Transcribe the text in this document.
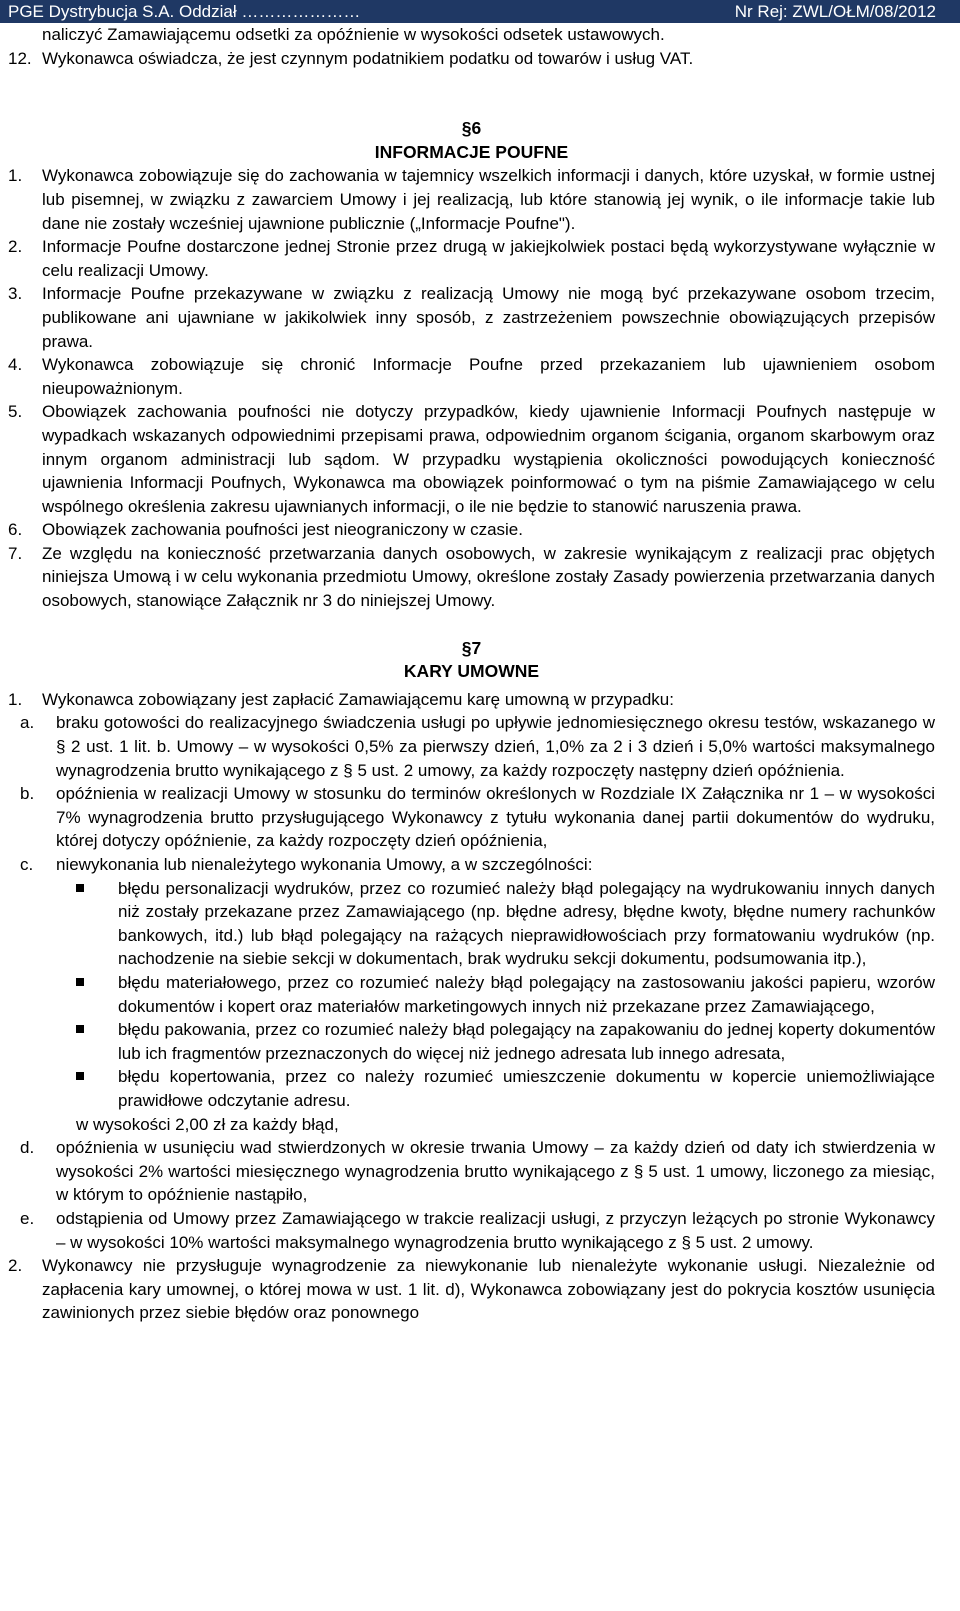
PGE Dystrybucja S.A. Oddział …………………	Nr Rej: ZWL/OŁM/08/2012

naliczyć Zamawiającemu odsetki za opóźnienie w wysokości odsetek ustawowych.

12. Wykonawca oświadcza, że jest czynnym podatnikiem podatku od towarów i usług VAT.
§6
INFORMACJE POUFNE
1.	Wykonawca zobowiązuje się do zachowania w tajemnicy wszelkich informacji i danych, które uzyskał, w formie ustnej lub pisemnej, w związku z zawarciem Umowy i jej realizacją, lub które stanowią jej wynik, o ile informacje takie lub dane nie zostały wcześniej ujawnione publicznie („Informacje Poufne").
2.	Informacje Poufne dostarczone jednej Stronie przez drugą w jakiejkolwiek postaci będą wykorzystywane wyłącznie w celu realizacji Umowy.
3.	Informacje Poufne przekazywane w związku z realizacją Umowy nie mogą być przekazywane osobom trzecim, publikowane ani ujawniane w jakikolwiek inny sposób, z zastrzeżeniem powszechnie obowiązujących przepisów prawa.
4.	Wykonawca zobowiązuje się chronić Informacje Poufne przed przekazaniem lub ujawnieniem osobom nieupoważnionym.
5.	Obowiązek zachowania poufności nie dotyczy przypadków, kiedy ujawnienie Informacji Poufnych następuje w wypadkach wskazanych odpowiednimi przepisami prawa, odpowiednim organom ścigania, organom skarbowym oraz innym organom administracji lub sądom. W przypadku wystąpienia okoliczności powodujących konieczność ujawnienia Informacji Poufnych, Wykonawca ma obowiązek poinformować o tym na piśmie Zamawiającego w celu wspólnego określenia zakresu ujawnianych informacji, o ile nie będzie to stanowić naruszenia prawa.
6.	Obowiązek zachowania poufności jest nieograniczony w czasie.
7.	Ze względu na konieczność przetwarzania danych osobowych, w zakresie wynikającym z realizacji prac objętych niniejsza Umową i w celu wykonania przedmiotu Umowy, określone zostały Zasady powierzenia przetwarzania danych osobowych, stanowiące Załącznik nr 3 do niniejszej Umowy.
§7
KARY UMOWNE
1.	Wykonawca zobowiązany jest zapłacić Zamawiającemu karę umowną w przypadku:
a.	braku gotowości do realizacyjnego świadczenia usługi po upływie jednomiesięcznego okresu testów, wskazanego w § 2 ust. 1 lit. b. Umowy – w wysokości 0,5% za pierwszy dzień, 1,0% za 2 i 3 dzień i 5,0% wartości maksymalnego wynagrodzenia brutto wynikającego z § 5 ust. 2 umowy, za każdy rozpoczęty następny dzień opóźnienia.
b.	opóźnienia w realizacji Umowy w stosunku do terminów określonych w Rozdziale IX Załącznika nr 1 – w wysokości 7% wynagrodzenia brutto przysługującego Wykonawcy z tytułu wykonania danej partii dokumentów do wydruku, której dotyczy opóźnienie, za każdy rozpoczęty dzień opóźnienia,
c.	niewykonania lub nienależytego wykonania Umowy, a w szczególności:
błędu personalizacji wydruków, przez co rozumieć należy błąd polegający na wydrukowaniu innych danych niż zostały przekazane przez Zamawiającego (np. błędne adresy, błędne kwoty, błędne numery rachunków bankowych, itd.) lub błąd polegający na rażących nieprawidłowościach przy formatowaniu wydruków (np. nachodzenie na siebie sekcji w dokumentach, brak wydruku sekcji dokumentu, podsumowania itp.),
błędu materiałowego, przez co rozumieć należy błąd polegający na zastosowaniu jakości papieru, wzorów dokumentów i kopert oraz materiałów marketingowych innych niż przekazane przez Zamawiającego,
błędu pakowania, przez co rozumieć należy błąd polegający na zapakowaniu do jednej koperty dokumentów lub ich fragmentów przeznaczonych do więcej niż jednego adresata lub innego adresata,
błędu kopertowania, przez co należy rozumieć umieszczenie dokumentu w kopercie uniemożliwiające prawidłowe odczytanie adresu.

w wysokości 2,00 zł za każdy błąd,

d.	opóźnienia w usunięciu wad stwierdzonych w okresie trwania Umowy – za każdy dzień od daty ich stwierdzenia w wysokości 2% wartości miesięcznego wynagrodzenia brutto wynikającego z § 5 ust. 1 umowy, liczonego za miesiąc, w którym to opóźnienie nastąpiło,
e.	odstąpienia od Umowy przez Zamawiającego w trakcie realizacji usługi, z przyczyn leżących po stronie Wykonawcy – w wysokości 10% wartości maksymalnego wynagrodzenia brutto wynikającego z § 5 ust. 2 umowy.
2.	Wykonawcy nie przysługuje wynagrodzenie za niewykonanie lub nienależyte wykonanie usługi. Niezależnie od zapłacenia kary umownej, o której mowa w ust. 1 lit. d), Wykonawca zobowiązany jest do pokrycia kosztów usunięcia zawinionych przez siebie błędów oraz ponownego
